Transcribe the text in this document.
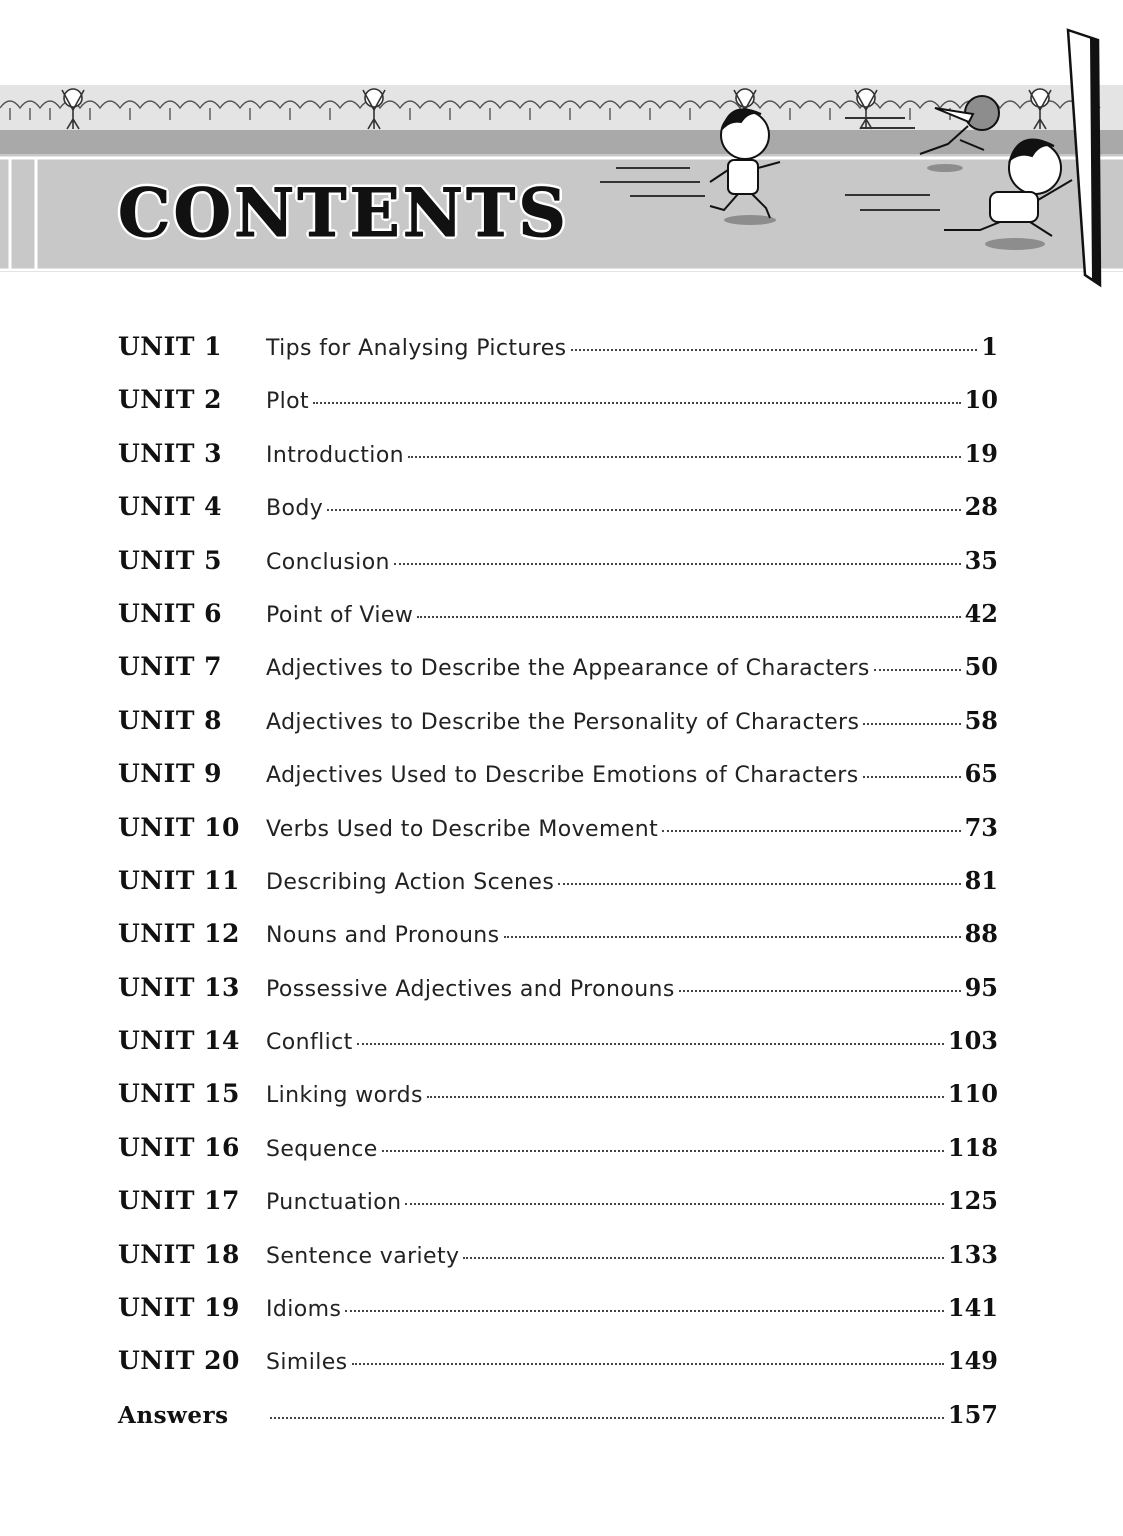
CONTENTS
UNIT 1	Tips for Analysing Pictures	1
UNIT 2	Plot	10
UNIT 3	Introduction	19
UNIT 4	Body	28
UNIT 5	Conclusion	35
UNIT 6	Point of View	42
UNIT 7	Adjectives to Describe the Appearance of Characters	50
UNIT 8	Adjectives to Describe the Personality of Characters	58
UNIT 9	Adjectives Used to Describe Emotions of Characters	65
UNIT 10	Verbs Used to Describe Movement	73
UNIT 11	Describing Action Scenes	81
UNIT 12	Nouns and Pronouns	88
UNIT 13	Possessive Adjectives and Pronouns	95
UNIT 14	Conflict	103
UNIT 15	Linking words	110
UNIT 16	Sequence	118
UNIT 17	Punctuation	125
UNIT 18	Sentence variety	133
UNIT 19	Idioms	141
UNIT 20	Similes	149
Answers	157
